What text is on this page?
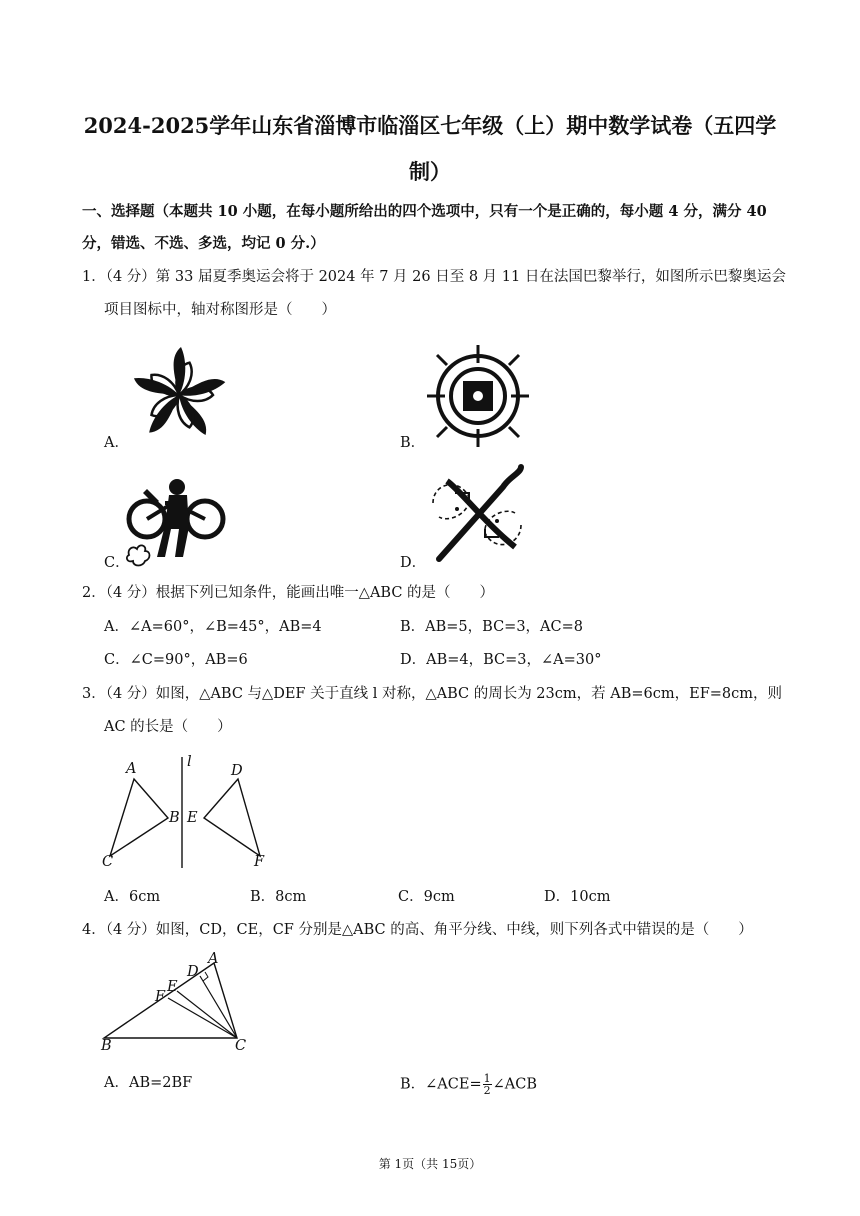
2024-2025学年山东省淄博市临淄区七年级（上）期中数学试卷（五四学
制）
一、选择题（本题共 10 小题，在每小题所给出的四个选项中，只有一个是正确的，每小题 4 分，满分 40
分，错选、不选、多选，均记 0 分.）
1．（4 分）第 33 届夏季奥运会将于 2024 年 7 月 26 日至 8 月 11 日在法国巴黎举行，如图所示巴黎奥运会
项目图标中，轴对称图形是（　　）
A．	B．
C．	D．
2．（4 分）根据下列已知条件，能画出唯一△ABC 的是（　　）
A．∠A=60°，∠B=45°，AB=4	B．AB=5，BC=3，AC=8
C．∠C=90°，AB=6	D．AB=4，BC=3，∠A=30°
3．（4 分）如图，△ABC 与△DEF 关于直线 l 对称，△ABC 的周长为 23cm，若 AB=6cm，EF=8cm，则
AC 的长是（　　）
A
B
C
l
D
E
F
A．6cm	B．8cm	C．9cm	D．10cm
4．（4 分）如图，CD，CE，CF 分别是△ABC 的高、角平分线、中线，则下列各式中错误的是（　　）
A
D
E
F
B	C
A．AB=2BF	B．∠ACE= $\frac{1}{2}$ ∠ACB
第 1页（共 15页）
